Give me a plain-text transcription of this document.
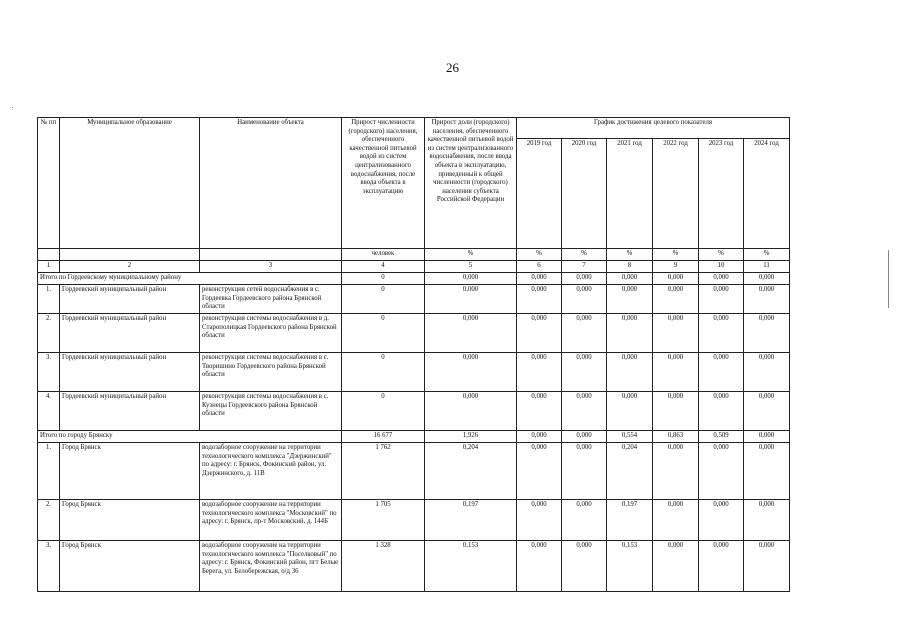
26
№ пп	Муниципальное образование	Наименование объекта	Прирост численности (городского) населения, обеспеченного качественной питьевой водой из систем централизованного водоснабжения, после ввода объекта в эксплуатацию	Прирост доли (городского) населения, обеспеченного качественной питьевой водой из систем централизованного водоснабжения, после ввода объекта в эксплуатацию, приведенный к общей численности (городского) населения субъекта Российской Федерации	График достижения целевого показателя					
					2019 год	2020 год	2021 год	2022 год	2023 год	2024 год
			человек	%	%	%	%	%	%	%
1	2	3	4	5	6	7	8	9	10	11
Итого по Гордеевскому муниципальному району			0	0,000	0,000	0,000	0,000	0,000	0,000	0,000
1.	Гордеевский муниципальный район	реконструкция сетей водоснабжения в с. Гордеевка Гордеевского района Брянской области	0	0,000	0,000	0,000	0,000	0,000	0,000	0,000
2.	Гордеевский муниципальный район	реконструкция системы водоснабжения в д. Старополицкая Гордеевского района Брянской области	0	0,000	0,000	0,000	0,000	0,000	0,000	0,000
3.	Гордеевский муниципальный район	реконструкция системы водоснабжения в с. Творишино Гордеевского района Брянской области	0	0,000	0,000	0,000	0,000	0,000	0,000	0,000
4.	Гордеевский муниципальный район	реконструкция системы водоснабжения в с. Кузнецы Гордеевского района Брянской области	0	0,000	0,000	0,000	0,000	0,000	0,000	0,000
Итого по городу Брянску			16 677	1,926	0,000	0,000	0,554	0,863	0,509	0,000
1.	Город Брянск	водозаборное сооружение на территории технологического комплекса "Дзержинский" по адресу: г. Брянск, Фокинский район, ул. Дзержинского, д. 11В	1 762	0,204	0,000	0,000	0,204	0,000	0,000	0,000
2.	Город Брянск	водозаборное сооружение на территории технологического комплекса "Московский" по адресу: г. Брянск, пр-т Московский, д. 144Б	1 705	0,197	0,000	0,000	0,197	0,000	0,000	0,000
3.	Город Брянск	водозаборное сооружение на территории технологического комплекса "Поселковый" по адресу: г. Брянск, Фокинский район, пгт Белые Берега, ул. Белобережская, о/д 36	1 328	0,153	0,000	0,000	0,153	0,000	0,000	0,000
